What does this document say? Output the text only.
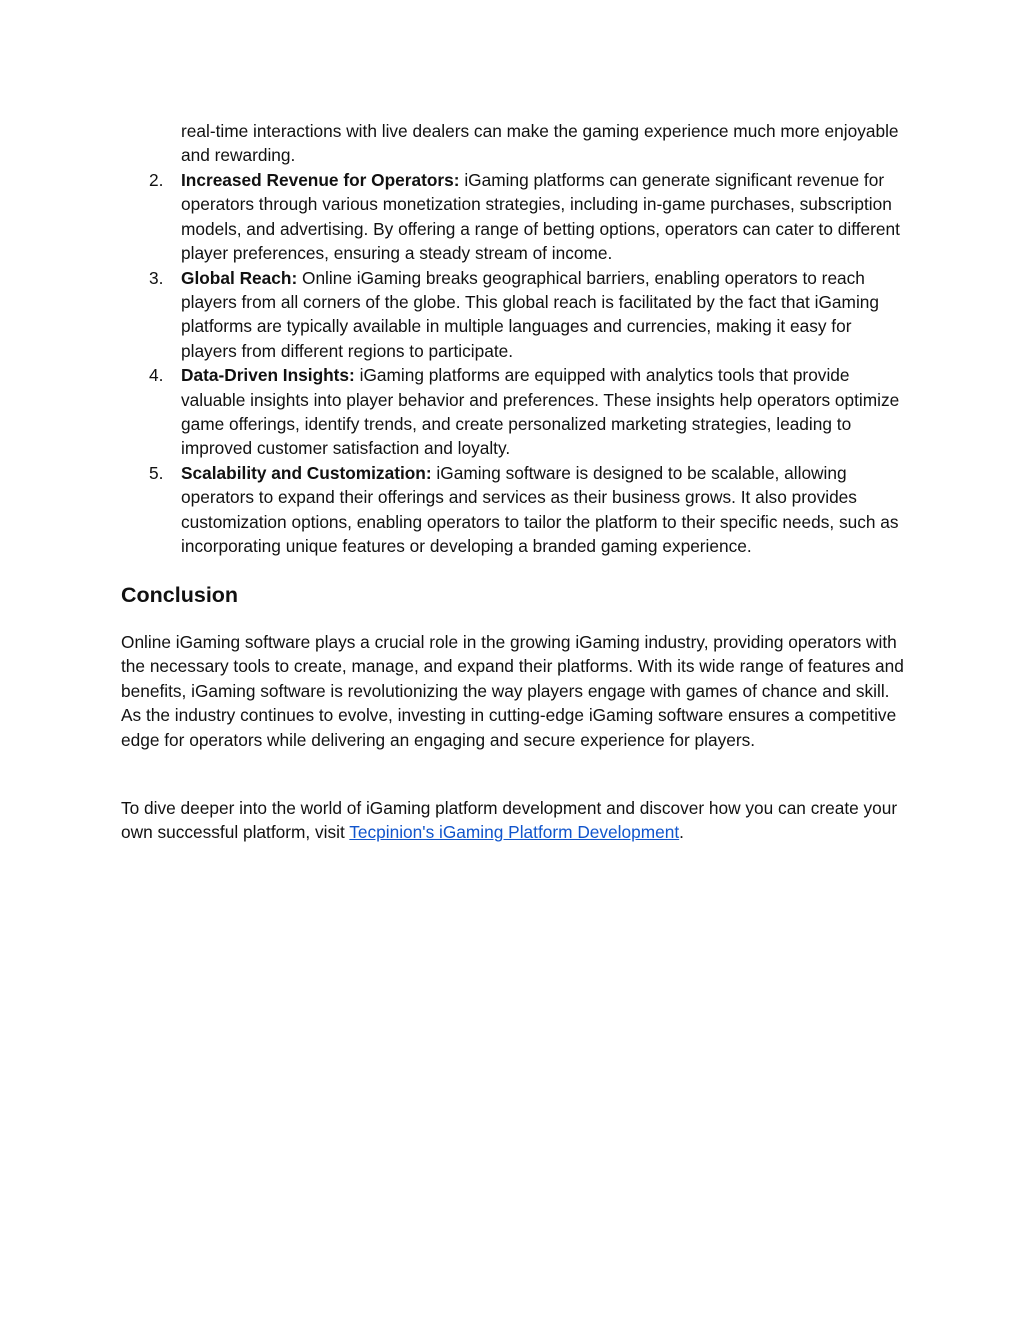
real-time interactions with live dealers can make the gaming experience much more enjoyable and rewarding.

2. Increased Revenue for Operators: iGaming platforms can generate significant revenue for operators through various monetization strategies, including in-game purchases, subscription models, and advertising. By offering a range of betting options, operators can cater to different player preferences, ensuring a steady stream of income.
3. Global Reach: Online iGaming breaks geographical barriers, enabling operators to reach players from all corners of the globe. This global reach is facilitated by the fact that iGaming platforms are typically available in multiple languages and currencies, making it easy for players from different regions to participate.
4. Data-Driven Insights: iGaming platforms are equipped with analytics tools that provide valuable insights into player behavior and preferences. These insights help operators optimize game offerings, identify trends, and create personalized marketing strategies, leading to improved customer satisfaction and loyalty.
5. Scalability and Customization: iGaming software is designed to be scalable, allowing operators to expand their offerings and services as their business grows. It also provides customization options, enabling operators to tailor the platform to their specific needs, such as incorporating unique features or developing a branded gaming experience.
Conclusion

Online iGaming software plays a crucial role in the growing iGaming industry, providing operators with the necessary tools to create, manage, and expand their platforms. With its wide range of features and benefits, iGaming software is revolutionizing the way players engage with games of chance and skill. As the industry continues to evolve, investing in cutting-edge iGaming software ensures a competitive edge for operators while delivering an engaging and secure experience for players.

To dive deeper into the world of iGaming platform development and discover how you can create your own successful platform, visit Tecpinion's iGaming Platform Development.
